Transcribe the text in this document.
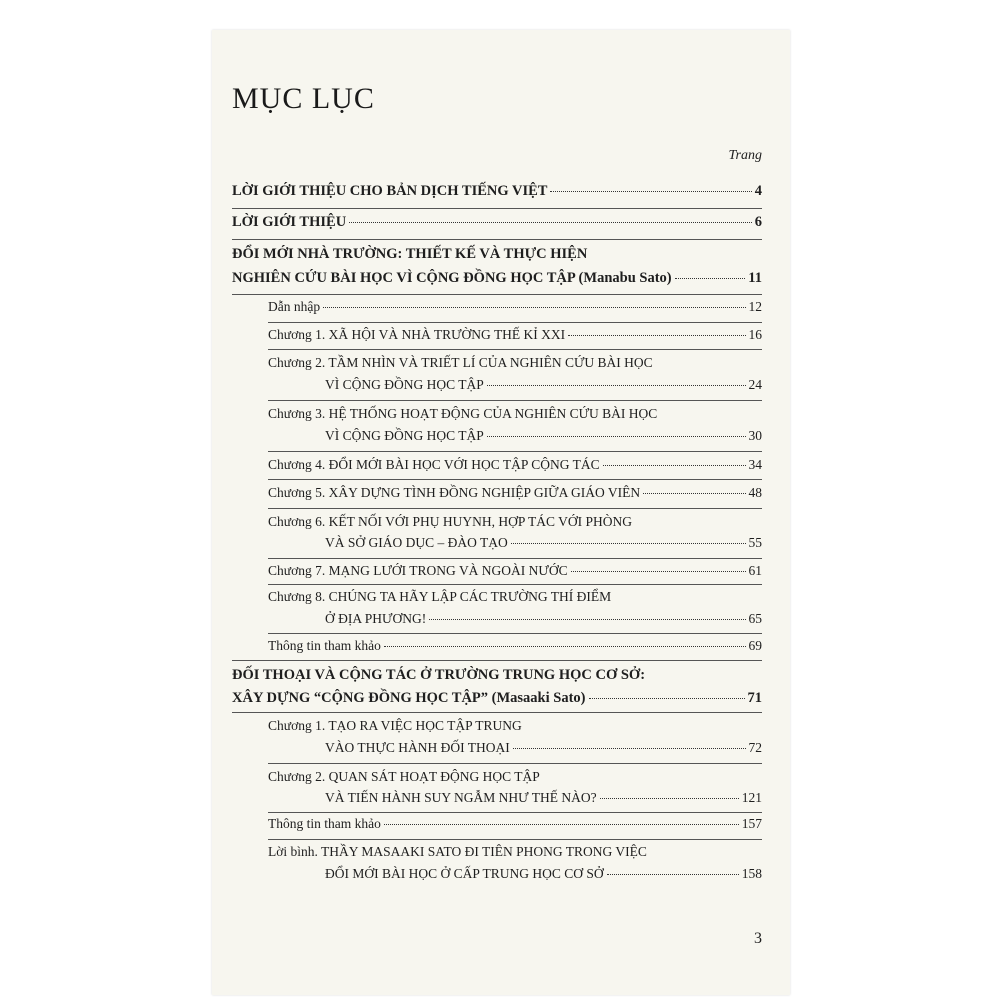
MỤC LỤC
Trang
LỜI GIỚI THIỆU CHO BẢN DỊCH TIẾNG VIỆT	4
LỜI GIỚI THIỆU	6
ĐỔI MỚI NHÀ TRƯỜNG: THIẾT KẾ VÀ THỰC HIỆN
NGHIÊN CỨU BÀI HỌC VÌ CỘNG ĐỒNG HỌC TẬP (Manabu Sato)	11
Dẫn nhập	12
Chương 1. XÃ HỘI VÀ NHÀ TRƯỜNG THẾ KỈ XXI	16
Chương 2. TẦM NHÌN VÀ TRIẾT LÍ CỦA NGHIÊN CỨU BÀI HỌC
VÌ CỘNG ĐỒNG HỌC TẬP	24
Chương 3. HỆ THỐNG HOẠT ĐỘNG CỦA NGHIÊN CỨU BÀI HỌC
VÌ CỘNG ĐỒNG HỌC TẬP	30
Chương 4. ĐỔI MỚI BÀI HỌC VỚI HỌC TẬP CỘNG TÁC	34
Chương 5. XÂY DỰNG TÌNH ĐỒNG NGHIỆP GIỮA GIÁO VIÊN	48
Chương 6. KẾT NỐI VỚI PHỤ HUYNH, HỢP TÁC VỚI PHÒNG
VÀ SỞ GIÁO DỤC – ĐÀO TẠO	55
Chương 7. MẠNG LƯỚI TRONG VÀ NGOÀI NƯỚC	61
Chương 8. CHÚNG TA HÃY LẬP CÁC TRƯỜNG THÍ ĐIỂM
Ở ĐỊA PHƯƠNG!	65
Thông tin tham khảo	69
ĐỐI THOẠI VÀ CỘNG TÁC Ở TRƯỜNG TRUNG HỌC CƠ SỞ:
XÂY DỰNG “CỘNG ĐỒNG HỌC TẬP” (Masaaki Sato)	71
Chương 1. TẠO RA VIỆC HỌC TẬP TRUNG
VÀO THỰC HÀNH ĐỐI THOẠI	72
Chương 2. QUAN SÁT HOẠT ĐỘNG HỌC TẬP
VÀ TIẾN HÀNH SUY NGẪM NHƯ THẾ NÀO?	121
Thông tin tham khảo	157
Lời bình. THẦY MASAAKI SATO ĐI TIÊN PHONG TRONG VIỆC
ĐỔI MỚI BÀI HỌC Ở CẤP TRUNG HỌC CƠ SỞ	158
3
